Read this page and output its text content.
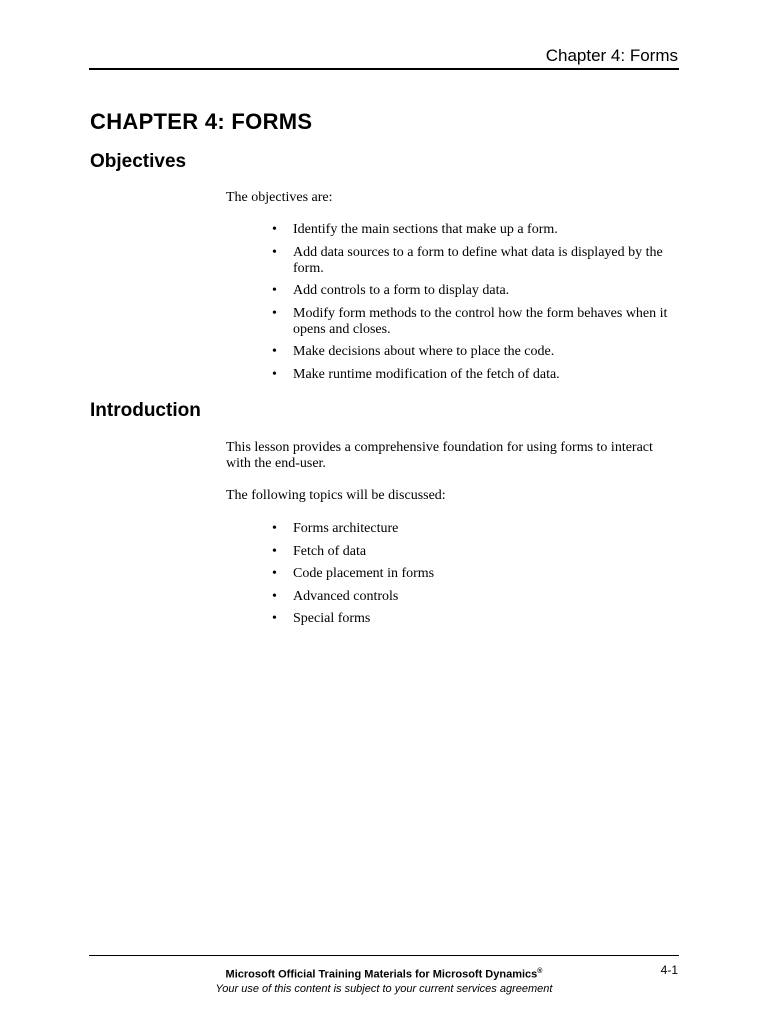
Chapter 4: Forms
CHAPTER 4: FORMS
Objectives

The objectives are:

• Identify the main sections that make up a form.
• Add data sources to a form to define what data is displayed by the form.
• Add controls to a form to display data.
• Modify form methods to the control how the form behaves when it opens and closes.
• Make decisions about where to place the code.
• Make runtime modification of the fetch of data.
Introduction

This lesson provides a comprehensive foundation for using forms to interact with the end-user.

The following topics will be discussed:

• Forms architecture
• Fetch of data
• Code placement in forms
• Advanced controls
• Special forms
Microsoft Official Training Materials for Microsoft Dynamics®
Your use of this content is subject to your current services agreement
4-1
